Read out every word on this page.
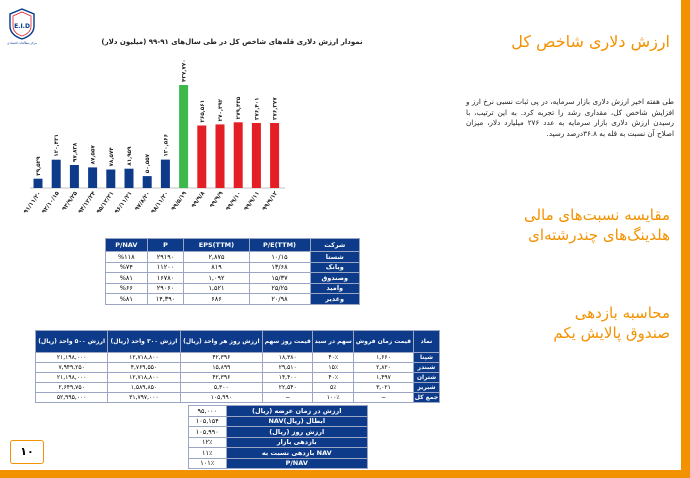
E.I.D
مرکز مطالعات اقتصادی	نمودار ارزش دلاری قله‌های شاخص کل در طی سال‌های ۹۱-۹۹ (میلیون دلار)
۳۹,۵۲۹
۹۱/۱۱/۲۰
۱۲۰,۴۳۱
۹۲/۱۰/۱۵
۹۷,۸۳۸
۹۳/۹/۲۵
۸۷,۵۵۷
۹۴/۱۲/۲۴
۷۸,۵۷۴
۹۵/۱۲/۲۱
۸۱,۹۵۹
۹۶/۱۱/۲۱
۵۰,۵۵۷
۹۷/۸/۲۰
۱۲۰,۵۶۶
۹۸/۱۱/۲۰
۴۳۷,۷۷۰
۹۹/۵/۱۹
۲۶۵,۵۶۱
۹۹/۹/۸
۲۷۰,۳۹۲
۹۹/۹/۹
۲۷۹,۴۳۵
۹۹/۹/۱۰
۲۷۶,۴۰۱
۹۹/۹/۱۱
۲۷۶,۳۷۷
۹۹/۹/۱۲
ارزش دلاری شاخص کل
طی هفته اخیر ارزش دلاری بازار سرمایه، در پی ثبات نسبی نرخ ارز و افزایش شاخص کل، مقداری رشد را تجربه کرد. به این ترتیب، با رسیدن ارزش دلاری بازار سرمایه به عدد ۲۷۶ میلیارد دلار، میزان اصلاح آن نسبت به قله به ۳۶.۸درصد رسید.
مقایسه نسبت‌های مالی
هلدینگ‌های چندرشته‌ای
محاسبه بازدهی
صندوق پالایش یکم
P/NAV	P	EPS(TTM)	P/E(TTM)	شرکت
%۱۱۸	۲۹۱۹۰	۲,۸۷۵	۱۰/۱۵	شستا
%۷۴	۱۱۲۰۰	۸۱۹	۱۳/۶۸	وبانک
%۸۱	۱۶۷۸۰	۱,۰۹۲	۱۵/۳۷	وصندوق
%۶۶	۲۹۰۶۰	۱,۵۲۱	۲۵/۲۵	وامید
%۸۱	۱۴,۳۹۰	۶۸۶	۲۰/۹۸	وغدیر
ارزش ۵۰۰ واحد (ریال)	ارزش ۳۰۰ واحد (ریال)	ارزش روز هر واحد (ریال)	قیمت روز سهم	سهم در سبد	قیمت زمان فروش	نماد
۲۱,۱۹۸,۰۰۰	۱۲,۷۱۸,۸۰۰	۴۲,۳۹۶	۱۸,۳۸۰	۴۰٪	۱,۶۶۰	شپنا
۷,۹۴۹,۲۵۰	۴,۷۶۹,۵۵۰	۱۵,۸۹۹	۲۹,۵۱۰	۱۵٪	۲,۸۲۰	شبندر
۲۱,۱۹۸,۰۰۰	۱۲,۷۱۸,۸۰۰	۴۲,۳۹۶	۱۴,۴۰۰	۴۰٪	۱,۴۹۷	شتران
۲,۶۴۹,۷۵۰	۱,۵۸۹,۸۵۰	۵,۳۰۰	۲۲,۵۴۰	۵٪	۳,۰۲۱	شبریز
۵۲,۹۹۵,۰۰۰	۳۱,۷۹۷,۰۰۰	۱۰۵,۹۹۰	−	۱۰۰٪	−	جمع کل
۹۵,۰۰۰	ارزش در زمان عرضه (ریال)
۱۰۵,۱۵۴	NAVابطال (ریال)
۱۰۵,۹۹۰	ارزش روز (ریال)
۱۲٪	بازدهی بازار
۱۱٪	بازدهی نسبت به NAV
۱۰۱٪	P/NAV
۱۰
